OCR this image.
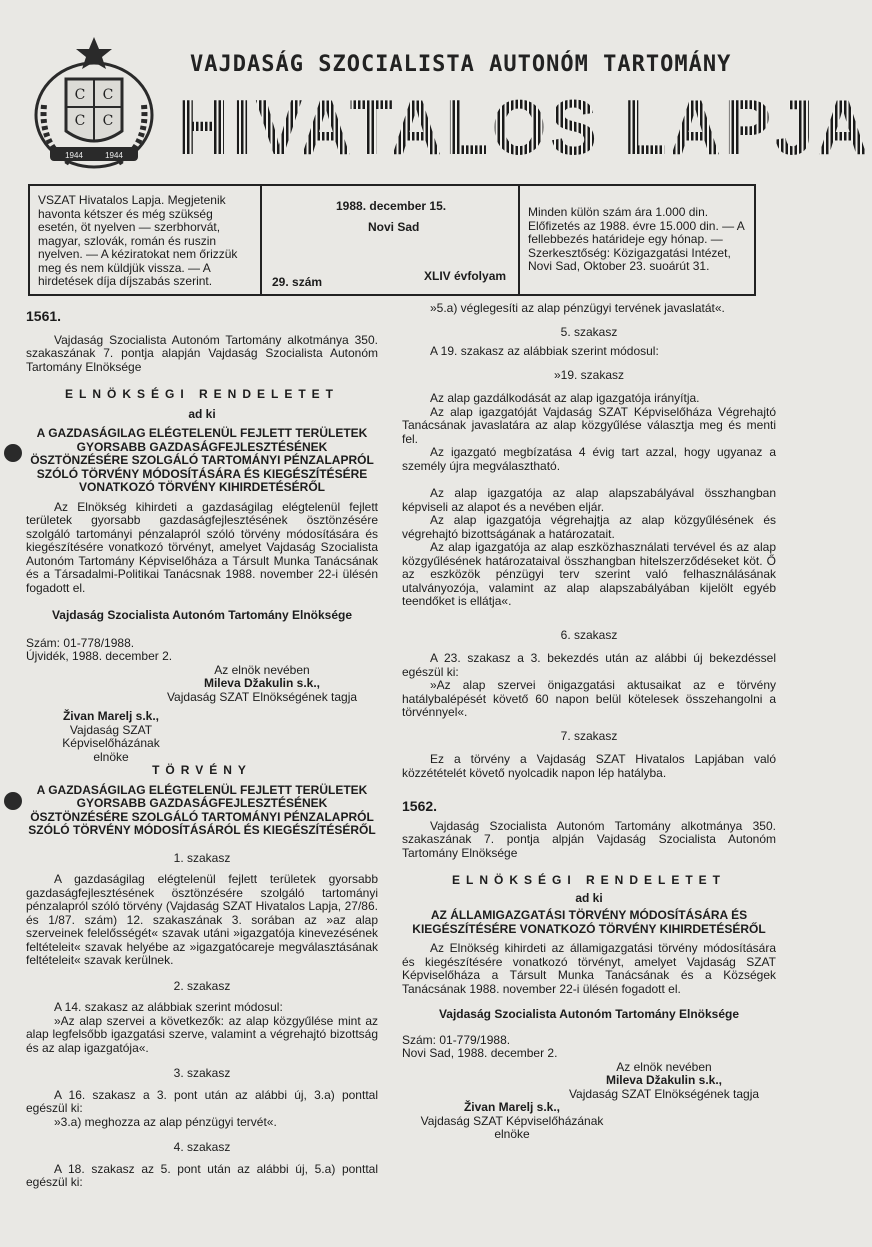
C C
C C
1944	1944
VAJDASÁG SZOCIALISTA AUTONÓM TARTOMÁNY
HIVATALOS LAPJA
VSZAT Hivatalos Lapja. Megjetenik havonta kétszer és még szükség esetén, öt nyelven — szerbhorvát, magyar, szlovák, román és ruszin nyelven. — A kéziratokat nem őrizzük meg és nem küldjük vissza. — A hirdetések díja díjszabás szerint.
1988. december 15.
Novi Sad
29. szám	XLIV évfolyam
Minden külön szám ára 1.000 din. Előfizetés az 1988. évre 15.000 din. — A fellebbezés határideje egy hónap. — Szerkesztőség: Közigazgatási Intézet, Novi Sad, Oktober 23. suoárút 31.

1561.

Vajdaság Szocialista Autonóm Tartomány alkotmánya 350. szakaszának 7. pontja alapján Vajdaság Szocialista Autonóm Tartomány Elnöksége

ELNÖKSÉGI RENDELETET

ad ki

A GAZDASÁGILAG ELÉGTELENÜL FEJLETT TERÜLETEK GYORSABB GAZDASÁGFEJLESZTÉSÉNEK ÖSZTÖNZÉSÉRE SZOLGÁLÓ TARTOMÁNYI PÉNZALAPRÓL SZÓLÓ TÖRVÉNY MÓDOSÍTÁSÁRA ÉS KIEGÉSZÍTÉSÉRE VONATKOZÓ TÖRVÉNY KIHIRDETÉSÉRŐL

Az Elnökség kihirdeti a gazdaságilag elégtelenül fejlett területek gyorsabb gazdaságfejlesztésének ösztönzésére szolgáló tartományi pénzalapról szóló törvény módosítására és kiegészítésére vonatkozó törvényt, amelyet Vajdaság Szocialista Autonóm Tartomány Képviselőháza a Társult Munka Tanácsának és a Társadalmi-Politikai Tanácsnak 1988. november 22-i ülésén fogadott el.

Vajdaság Szocialista Autonóm Tartomány Elnöksége

Szám: 01-778/1988.

Újvidék, 1988. december 2.

Az elnök nevében

Mileva Džakulin s.k.,

Vajdaság SZAT Elnökségének tagja

Živan Marelj s.k.,

Vajdaság SZAT Képviselőházának

elnöke

TÖRVÉNY

A GAZDASÁGILAG ELÉGTELENÜL FEJLETT TERÜLETEK GYORSABB GAZDASÁGFEJLESZTÉSÉNEK ÖSZTÖNZÉSÉRE SZOLGÁLÓ TARTOMÁNYI PÉNZALAPRÓL SZÓLÓ TÖRVÉNY MÓDOSÍTÁSÁRÓL ÉS KIEGÉSZÍTÉSÉRŐL

1. szakasz

A gazdaságilag elégtelenül fejlett területek gyorsabb gazdaságfejlesztésének ösztönzésére szolgáló tartományi pénzalapról szóló törvény (Vajdaság SZAT Hivatalos Lapja, 27/86. és 1/87. szám) 12. szakaszának 3. sorában az »az alap szerveinek felelősségét« szavak utáni »igazgatója kinevezésének feltételeit« szavak helyébe az »igazgatócareje megválasztásának feltételeit« szavak kerülnek.

2. szakasz

A 14. szakasz az alábbiak szerint módosul:

»Az alap szervei a következők: az alap közgyűlése mint az alap legfelsőbb igazgatási szerve, valamint a végrehajtó bizottság és az alap igazgatója«.

3. szakasz

A 16. szakasz a 3. pont után az alábbi új, 3.a) ponttal egészül ki:

»3.a) meghozza az alap pénzügyi tervét«.

4. szakasz

A 18. szakasz az 5. pont után az alábbi új, 5.a) ponttal egészül ki:

»5.a) véglegesíti az alap pénzügyi tervének javaslatát«.

5. szakasz

A 19. szakasz az alábbiak szerint módosul:

»19. szakasz

Az alap gazdálkodását az alap igazgatója irányítja.

Az alap igazgatóját Vajdaság SZAT Képviselőháza Végrehajtó Tanácsának javaslatára az alap közgyűlése választja meg és menti fel.

Az igazgató megbízatása 4 évig tart azzal, hogy ugyanaz a személy újra megválasztható.

Az alap igazgatója az alap alapszabályával összhangban képviseli az alapot és a nevében eljár.

Az alap igazgatója végrehajtja az alap közgyűlésének és végrehajtó bizottságának a határozatait.

Az alap igazgatója az alap eszközhasználati tervével és az alap közgyűlésének határozataival összhangban hitelszerződéseket köt. Ő az eszközök pénzügyi terv szerint való felhasználásának utalványozója, valamint az alap alapszabályában kijelölt egyéb teendőket is ellátja«.

6. szakasz

A 23. szakasz a 3. bekezdés után az alábbi új bekezdéssel egészül ki:

»Az alap szervei önigazgatási aktusaikat az e törvény hatálybalépését követő 60 napon belül kötelesek összehangolni a törvénnyel«.

7. szakasz

Ez a törvény a Vajdaság SZAT Hivatalos Lapjában való közzétételét követő nyolcadik napon lép hatályba.

1562.

Vajdaság Szocialista Autonóm Tartomány alkotmánya 350. szakaszának 7. pontja alpján Vajdaság Szocialista Autonóm Tartomány Elnöksége

ELNÖKSÉGI RENDELETET

ad ki

AZ ÁLLAMIGAZGATÁSI TÖRVÉNY MÓDOSÍTÁSÁRA ÉS KIEGÉSZÍTÉSÉRE VONATKOZÓ TÖRVÉNY KIHIRDETÉSÉRŐL

Az Elnökség kihirdeti az államigazgatási törvény módosítására és kiegészítésére vonatkozó törvényt, amelyet Vajdaság SZAT Képviselőháza a Társult Munka Tanácsának és a Községek Tanácsának 1988. november 22-i ülésén fogadott el.

Vajdaság Szocialista Autonóm Tartomány Elnöksége

Szám: 01-779/1988.

Novi Sad, 1988. december 2.

Az elnök nevében

Mileva Džakulin s.k.,

Vajdaság SZAT Elnökségének tagja

Živan Marelj s.k.,

Vajdaság SZAT Képviselőházának

elnöke
